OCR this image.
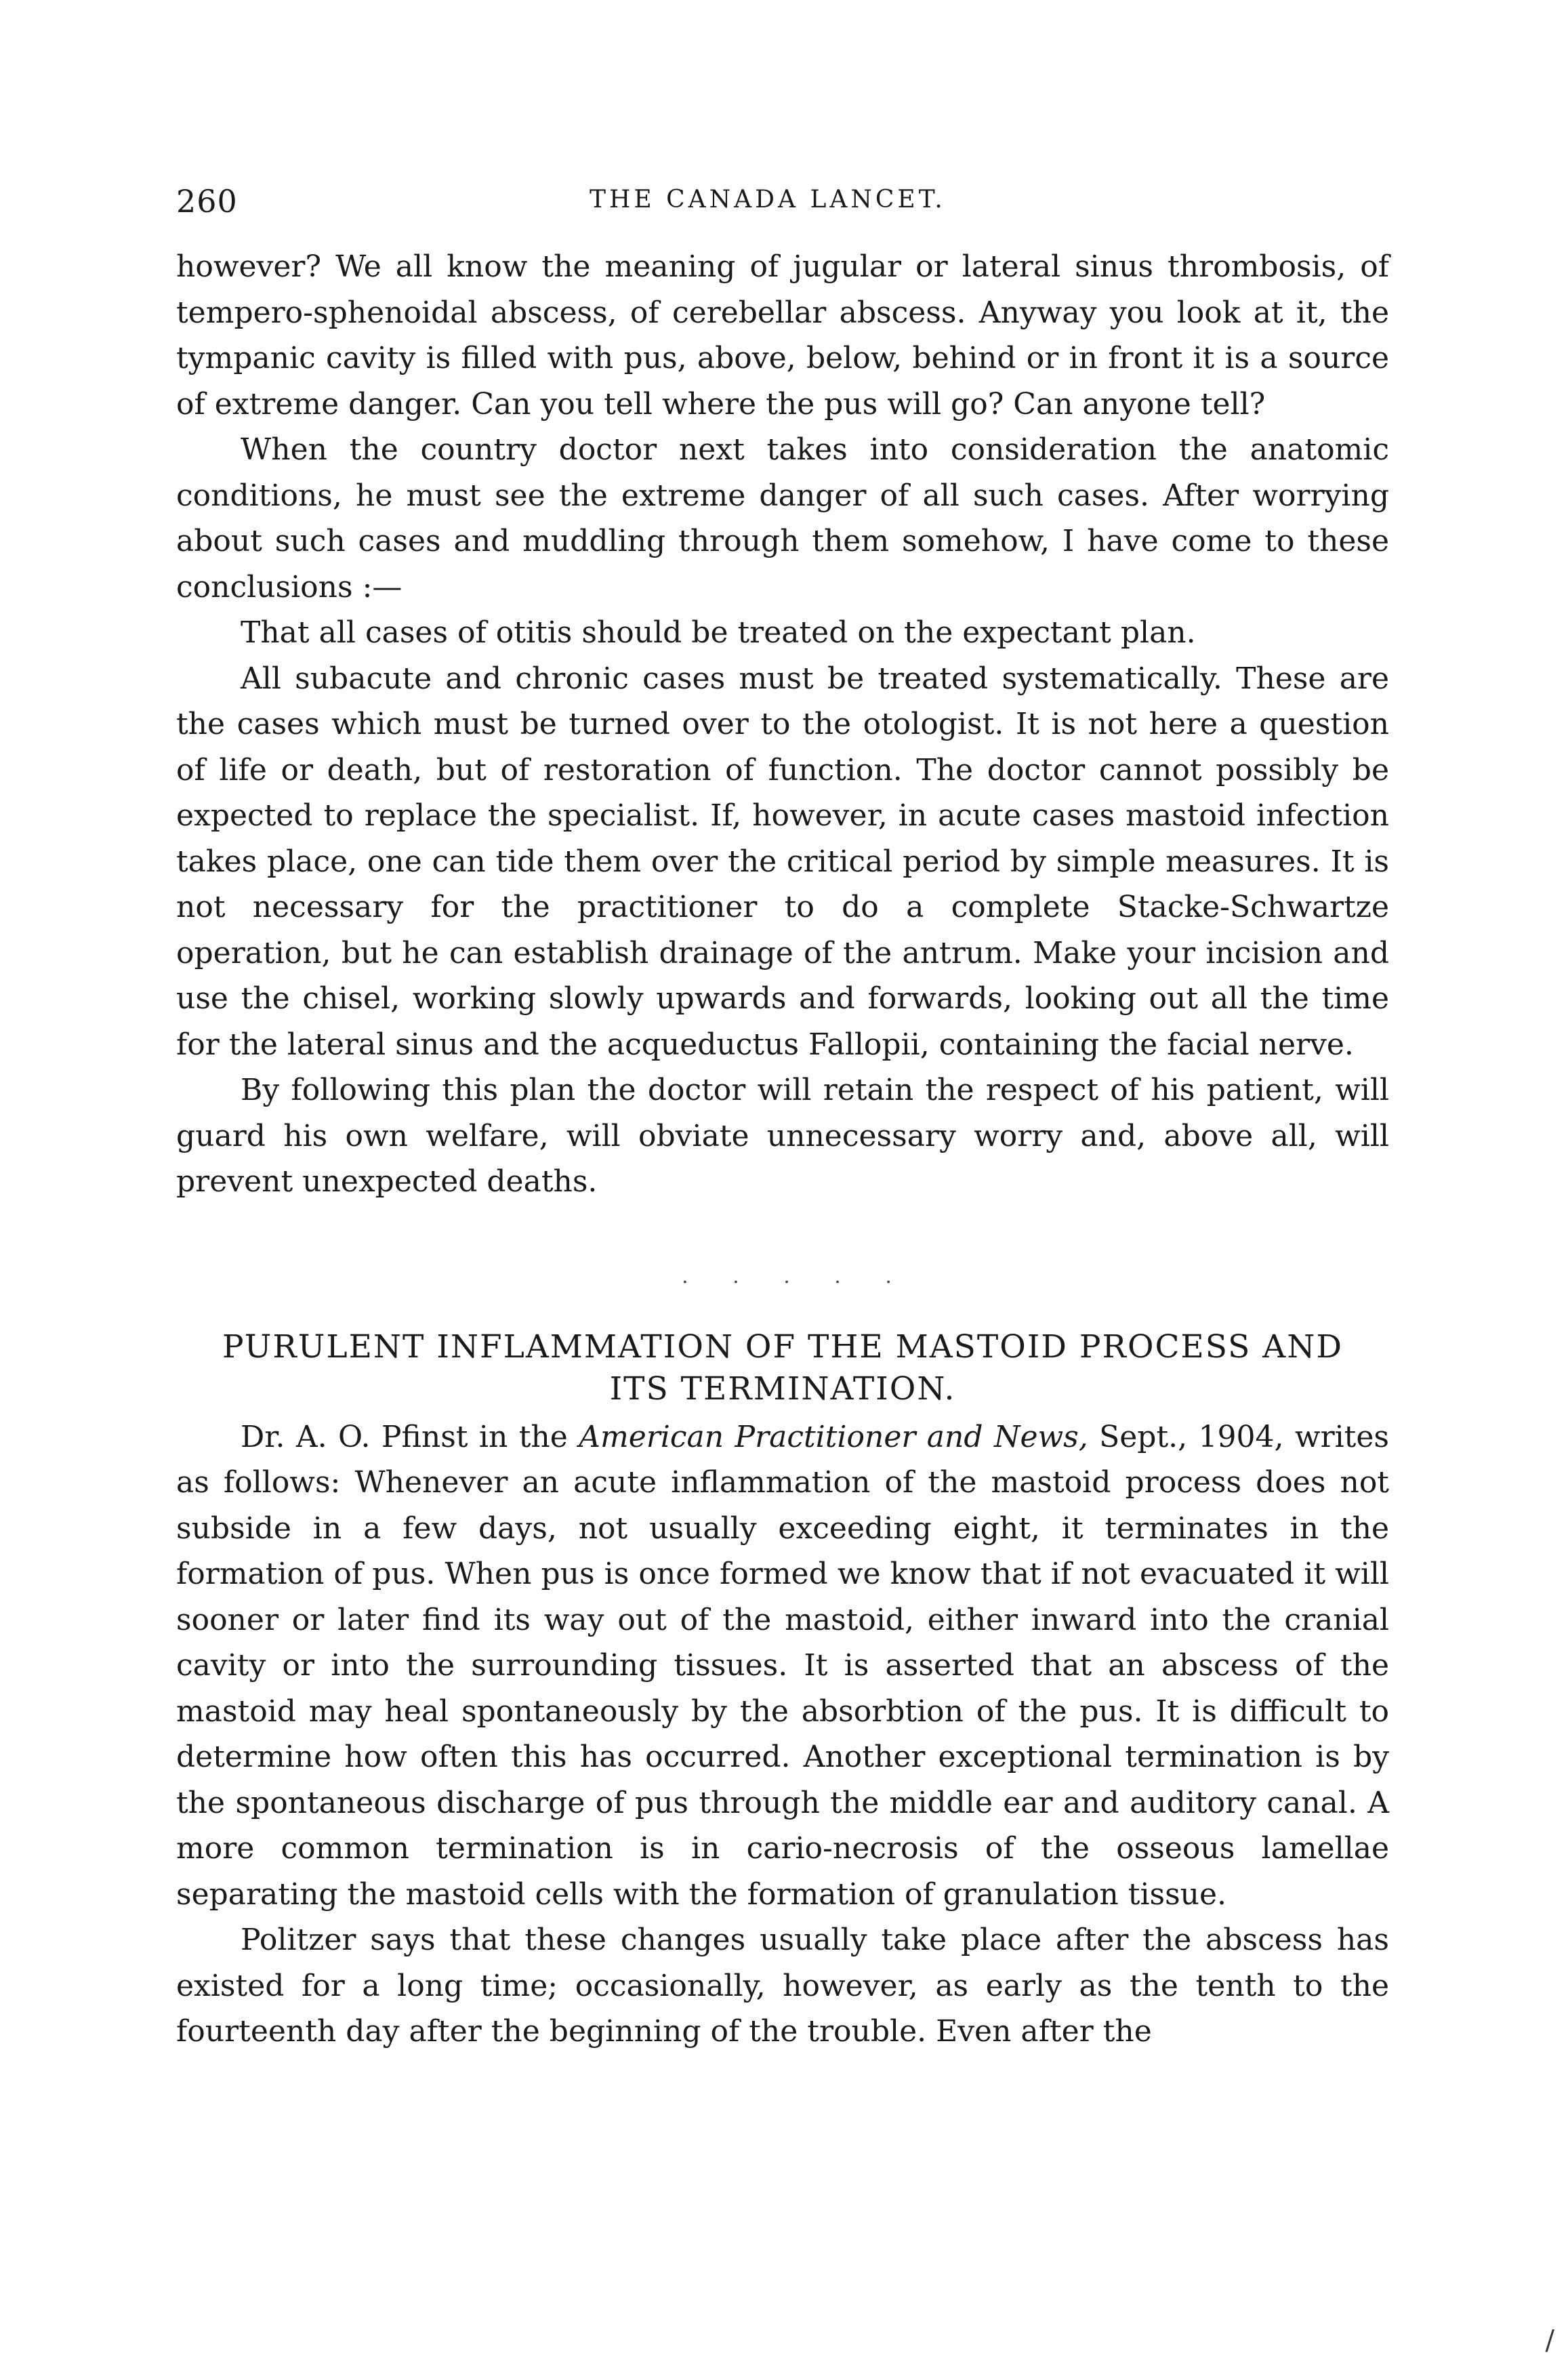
260	THE CANADA LANCET.

however? We all know the meaning of jugular or lateral sinus thrombosis, of tempero-sphenoidal abscess, of cerebellar abscess. Anyway you look at it, the tympanic cavity is filled with pus, above, below, behind or in front it is a source of extreme danger. Can you tell where the pus will go? Can anyone tell?

When the country doctor next takes into consideration the anatomic conditions, he must see the extreme danger of all such cases. After worrying about such cases and muddling through them somehow, I have come to these conclusions :—

That all cases of otitis should be treated on the expectant plan.

All subacute and chronic cases must be treated systematically. These are the cases which must be turned over to the otologist. It is not here a question of life or death, but of restoration of function. The doctor cannot possibly be expected to replace the specialist. If, however, in acute cases mastoid infection takes place, one can tide them over the critical period by simple measures. It is not necessary for the practitioner to do a complete Stacke-Schwartze operation, but he can establish drainage of the antrum. Make your incision and use the chisel, working slowly upwards and forwards, looking out all the time for the lateral sinus and the acqueductus Fallopii, containing the facial nerve.

By following this plan the doctor will retain the respect of his patient, will guard his own welfare, will obviate unnecessary worry and, above all, will prevent unexpected deaths.

. . . . .
PURULENT INFLAMMATION OF THE MASTOID PROCESS AND
ITS TERMINATION.

Dr. A. O. Pfinst in the American Practitioner and News, Sept., 1904, writes as follows: Whenever an acute inflammation of the mastoid process does not subside in a few days, not usually exceeding eight, it terminates in the formation of pus. When pus is once formed we know that if not evacuated it will sooner or later find its way out of the mastoid, either inward into the cranial cavity or into the surrounding tissues. It is asserted that an abscess of the mastoid may heal spontaneously by the absorbtion of the pus. It is difficult to determine how often this has occurred. Another exceptional termination is by the spontaneous discharge of pus through the middle ear and auditory canal. A more common termination is in cario-necrosis of the osseous lamellae separating the mastoid cells with the formation of granulation tissue.

Politzer says that these changes usually take place after the abscess has existed for a long time; occasionally, however, as early as the tenth to the fourteenth day after the beginning of the trouble. Even after the

/
